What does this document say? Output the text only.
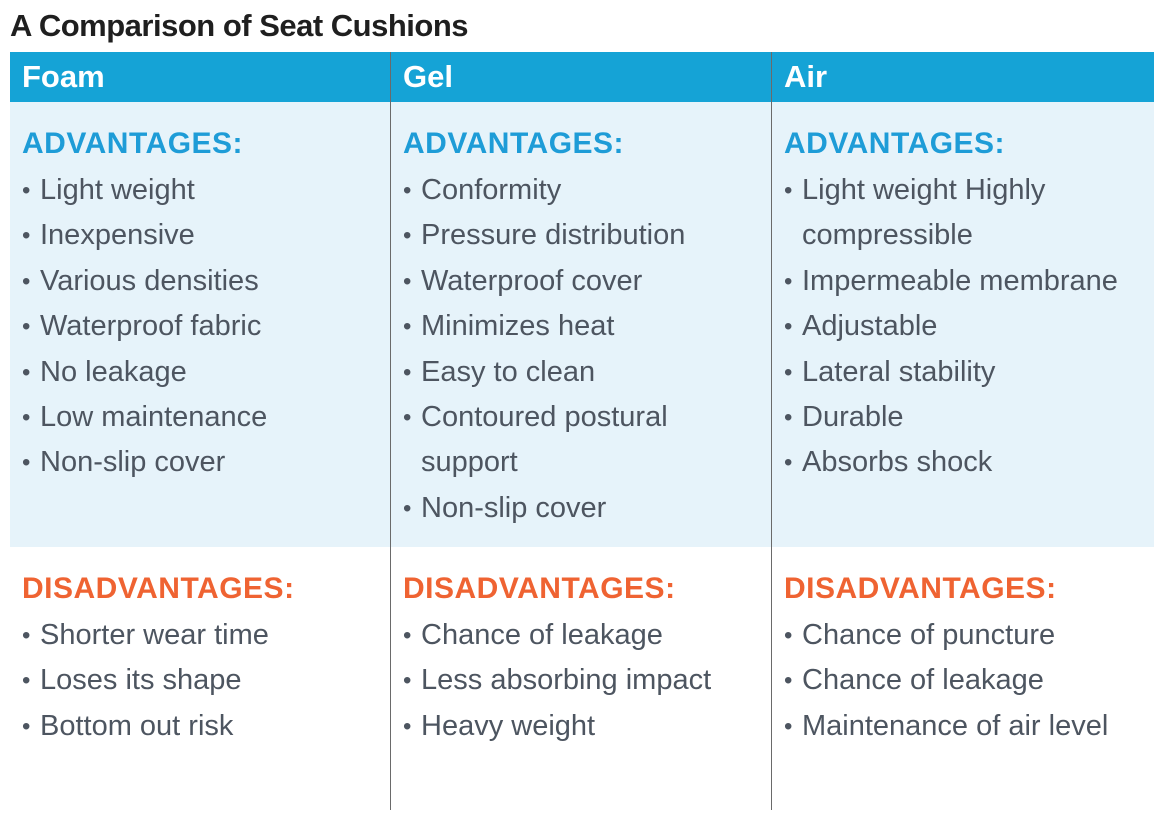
A Comparison of Seat Cushions
Foam	Gel	Air
ADVANTAGES:
• Light weight
• Inexpensive
• Various densities
• Waterproof fabric
• No leakage
• Low maintenance
• Non-slip cover
ADVANTAGES:
• Conformity
• Pressure distribution
• Waterproof cover
• Minimizes heat
• Easy to clean
• Contoured postural support
• Non-slip cover
ADVANTAGES:
• Light weight Highly compressible
• Impermeable membrane
• Adjustable
• Lateral stability
• Durable
• Absorbs shock
DISADVANTAGES:
• Shorter wear time
• Loses its shape
• Bottom out risk
DISADVANTAGES:
• Chance of leakage
• Less absorbing impact
• Heavy weight
DISADVANTAGES:
• Chance of puncture
• Chance of leakage
• Maintenance of air level
